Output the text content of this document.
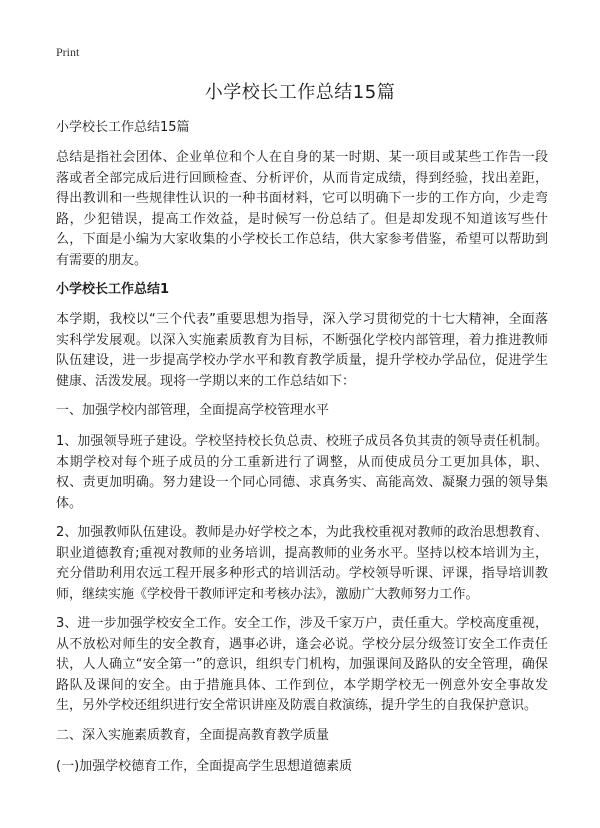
Print
小学校长工作总结15篇

小学校长工作总结15篇

总结是指社会团体、企业单位和个人在自身的某一时期、某一项目或某些工作告一段落或者全部完成后进行回顾检查、分析评价，从而肯定成绩，得到经验，找出差距，得出教训和一些规律性认识的一种书面材料，它可以明确下一步的工作方向，少走弯路，少犯错误，提高工作效益，是时候写一份总结了。但是却发现不知道该写些什么，下面是小编为大家收集的小学校长工作总结，供大家参考借鉴，希望可以帮助到有需要的朋友。

小学校长工作总结1

本学期，我校以“三个代表”重要思想为指导，深入学习贯彻党的十七大精神，全面落实科学发展观。以深入实施素质教育为目标，不断强化学校内部管理，着力推进教师队伍建设，进一步提高学校办学水平和教育教学质量，提升学校办学品位，促进学生健康、活泼发展。现将一学期以来的工作总结如下：

一、加强学校内部管理，全面提高学校管理水平

1、加强领导班子建设。学校坚持校长负总责、校班子成员各负其责的领导责任机制。本期学校对每个班子成员的分工重新进行了调整，从而使成员分工更加具体，职、权、责更加明确。努力建设一个同心同德、求真务实、高能高效、凝聚力强的领导集体。

2、加强教师队伍建设。教师是办好学校之本，为此我校重视对教师的政治思想教育、职业道德教育;重视对教师的业务培训，提高教师的业务水平。坚持以校本培训为主，充分借助利用农远工程开展多种形式的培训活动。学校领导听课、评课，指导培训教师，继续实施《学校骨干教师评定和考核办法》，激励广大教师努力工作。

3、进一步加强学校安全工作。安全工作，涉及千家万户，责任重大。学校高度重视，从不放松对师生的安全教育，遇事必讲，逢会必说。学校分层分级签订安全工作责任状，人人确立“安全第一”的意识，组织专门机构，加强课间及路队的安全管理，确保路队及课间的安全。由于措施具体、工作到位，本学期学校无一例意外安全事故发生，另外学校还组织进行安全常识讲座及防震自救演练，提升学生的自我保护意识。

二、深入实施素质教育，全面提高教育教学质量

(一)加强学校德育工作，全面提高学生思想道德素质
